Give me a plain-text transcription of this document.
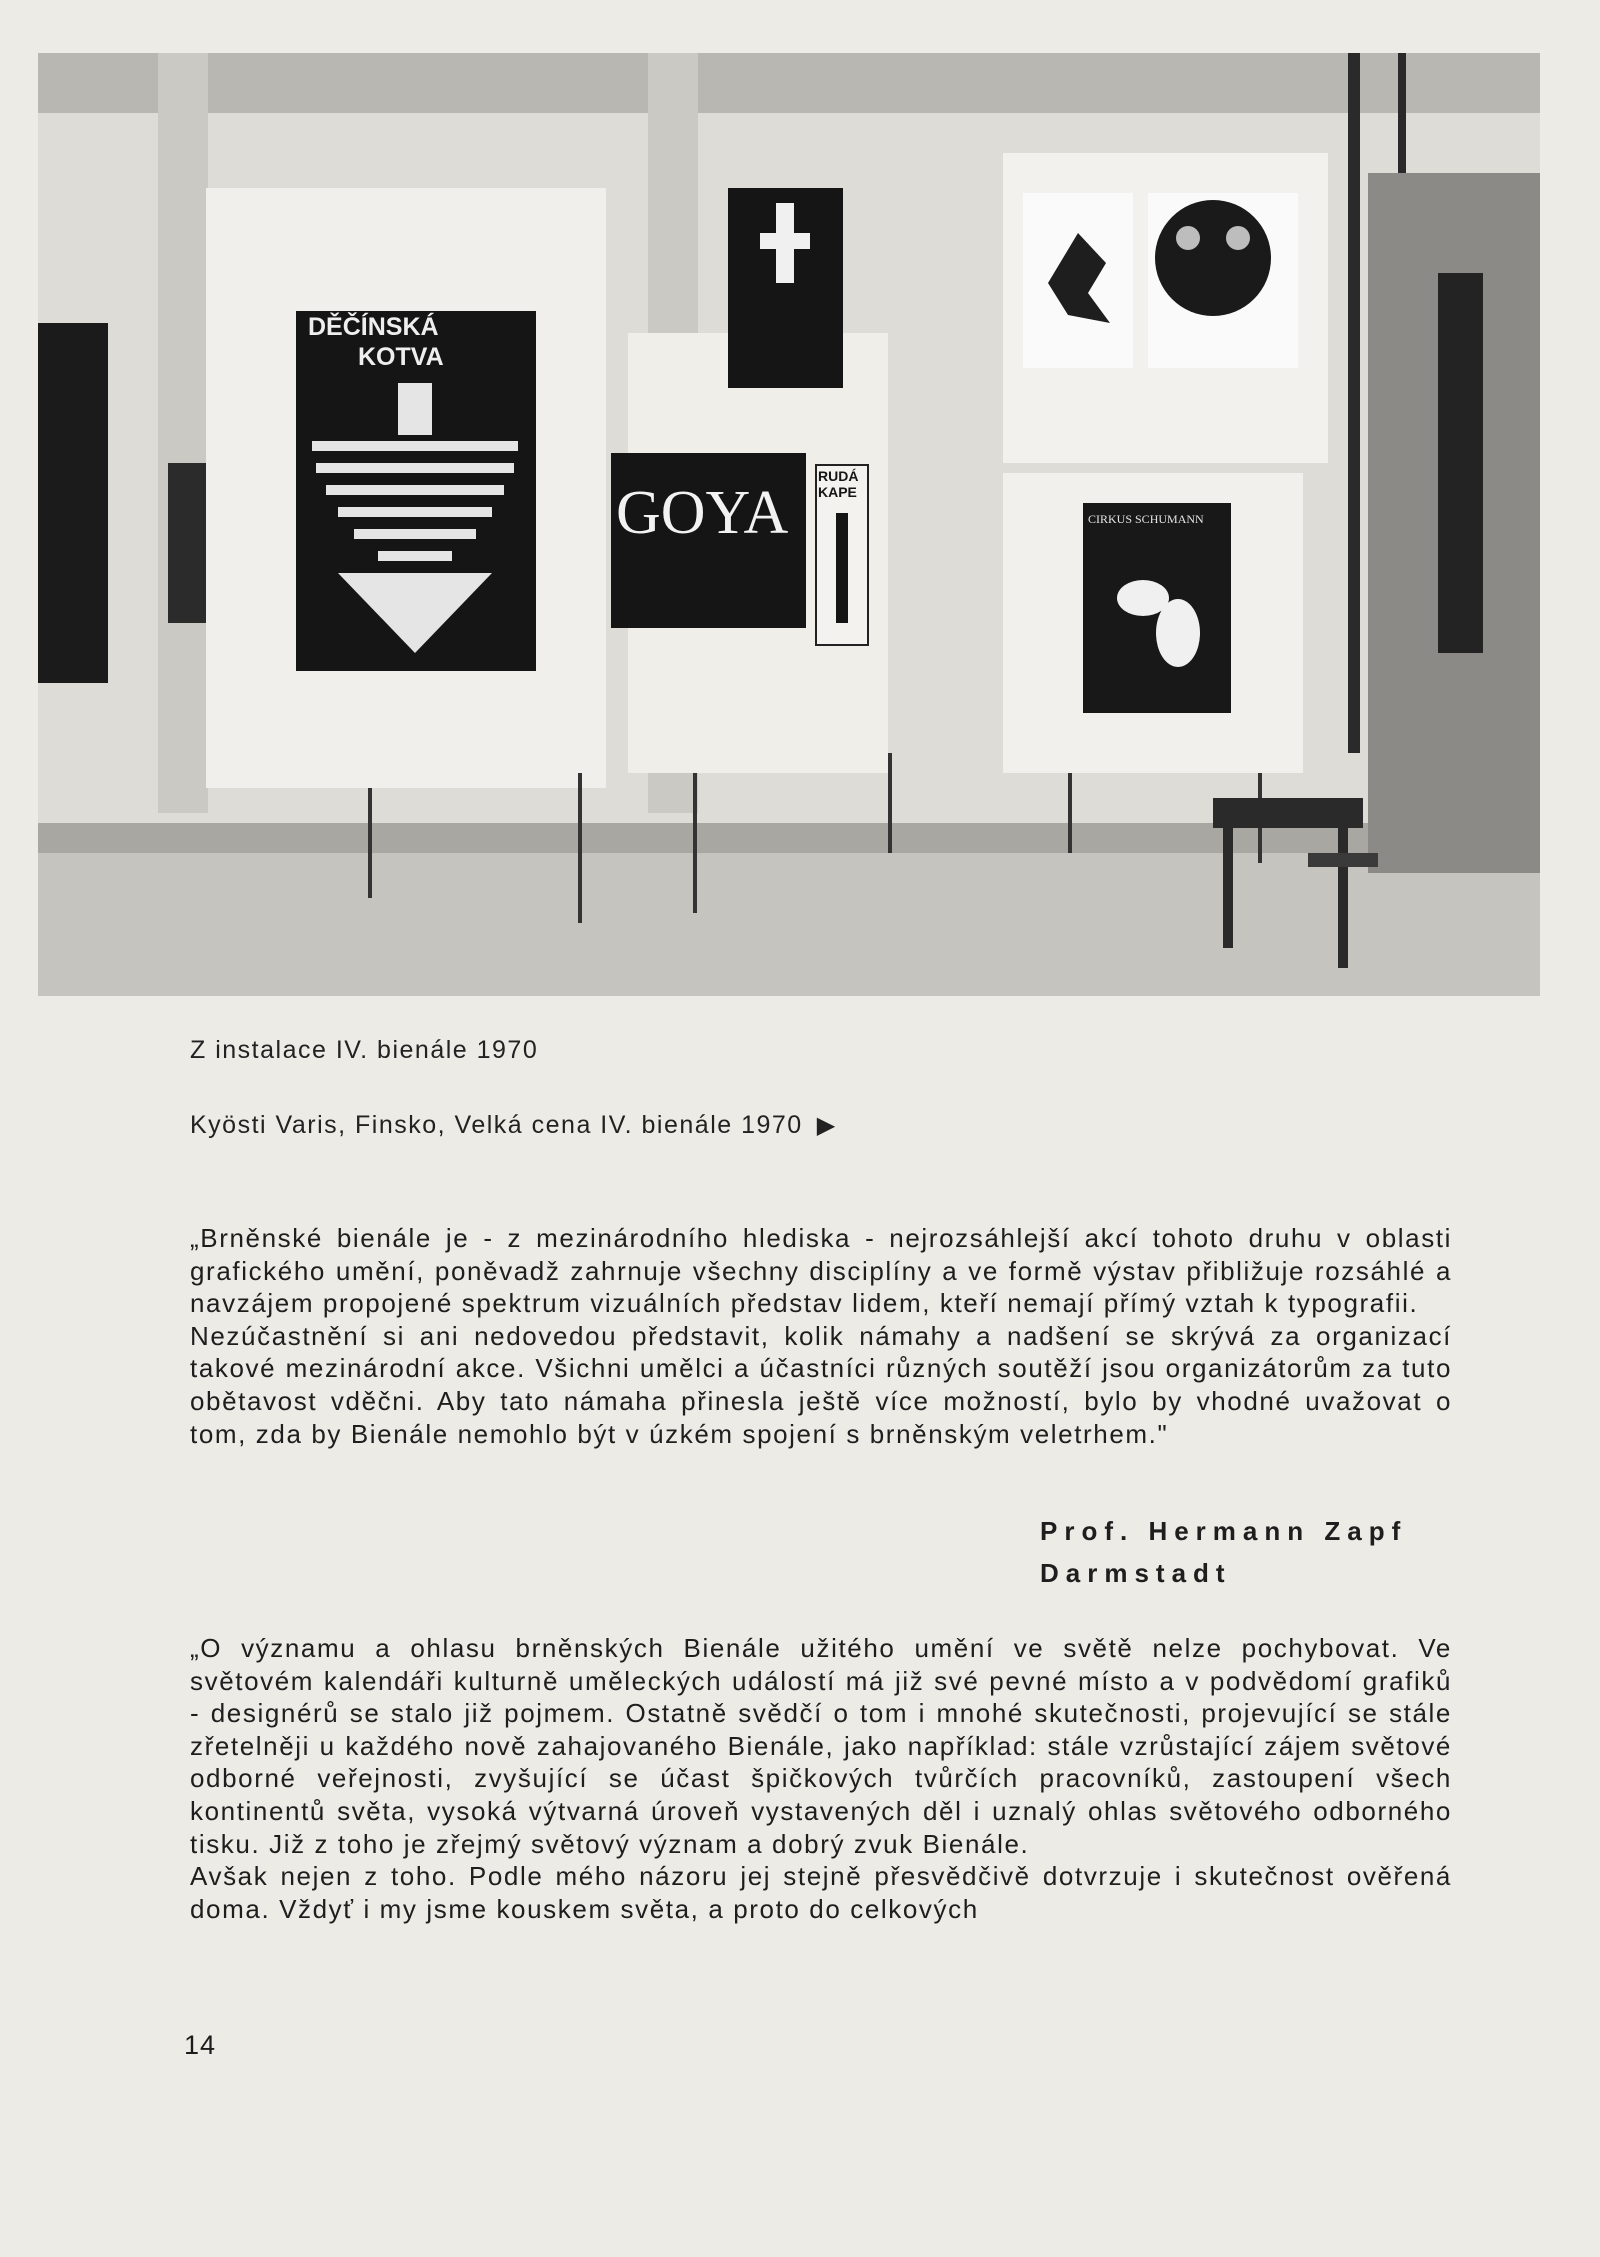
DĚČÍNSKÁ
KOTVA
GOYA
RUDÁ
KAPE
CIRKUS SCHUMANN
Z instalace IV. bienále 1970
Kyösti Varis, Finsko, Velká cena IV. bienále 1970 ▶

„Brněnské bienále je - z mezinárodního hlediska - nejrozsáhlejší akcí tohoto druhu v oblasti grafického umění, poněvadž zahrnuje všechny disciplíny a ve formě výstav přibližuje rozsáhlé a navzájem propojené spektrum vizuálních představ lidem, kteří nemají přímý vztah k typografii.

Nezúčastnění si ani nedovedou představit, kolik námahy a nadšení se skrývá za organizací takové mezinárodní akce. Všichni umělci a účastníci různých soutěží jsou organizátorům za tuto obětavost vděčni. Aby tato námaha přinesla ještě více možností, bylo by vhodné uvažovat o tom, zda by Bienále nemohlo být v úzkém spojení s brněnským veletrhem."

Prof. Hermann Zapf
Darmstadt

„O významu a ohlasu brněnských Bienále užitého umění ve světě nelze pochybovat. Ve světovém kalendáři kulturně uměleckých událostí má již své pevné místo a v podvědomí grafiků - designérů se stalo již pojmem. Ostatně svědčí o tom i mnohé skutečnosti, projevující se stále zřetelněji u každého nově zahajovaného Bienále, jako například: stále vzrůstající zájem světové odborné veřejnosti, zvyšující se účast špičkových tvůrčích pracovníků, zastoupení všech kontinentů světa, vysoká výtvarná úroveň vystavených děl i uznalý ohlas světového odborného tisku. Již z toho je zřejmý světový význam a dobrý zvuk Bienále.

Avšak nejen z toho. Podle mého názoru jej stejně přesvědčivě dotvrzuje i skutečnost ověřená doma. Vždyť i my jsme kouskem světa, a proto do celkových

14
